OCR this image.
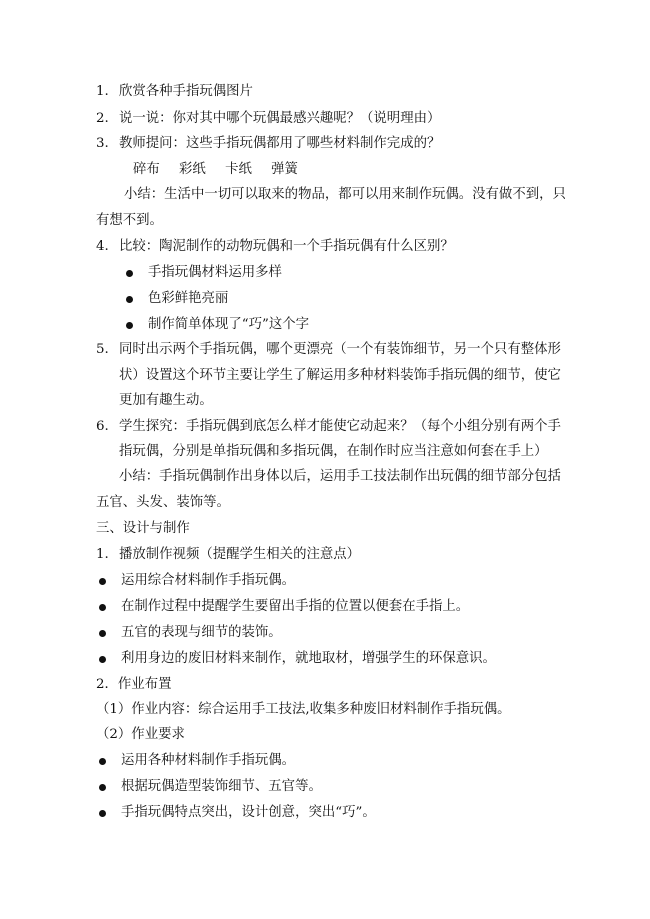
1. 欣赏各种手指玩偶图片
2. 说一说：你对其中哪个玩偶最感兴趣呢？（说明理由）
3. 教师提问：这些手指玩偶都用了哪些材料制作完成的？
碎布 彩纸 卡纸 弹簧
小结：生活中一切可以取来的物品，都可以用来制作玩偶。没有做不到，只
有想不到。
4. 比较：陶泥制作的动物玩偶和一个手指玩偶有什么区别？
手指玩偶材料运用多样
色彩鲜艳亮丽
制作简单体现了“巧”这个字
5. 同时出示两个手指玩偶，哪个更漂亮（一个有装饰细节，另一个只有整体形
状）设置这个环节主要让学生了解运用多种材料装饰手指玩偶的细节，使它
更加有趣生动。
6. 学生探究：手指玩偶到底怎么样才能使它动起来？（每个小组分别有两个手
指玩偶，分别是单指玩偶和多指玩偶，在制作时应当注意如何套在手上）
小结：手指玩偶制作出身体以后，运用手工技法制作出玩偶的细节部分包括
五官、头发、装饰等。
三、设计与制作
1. 播放制作视频（提醒学生相关的注意点）
运用综合材料制作手指玩偶。
在制作过程中提醒学生要留出手指的位置以便套在手指上。
五官的表现与细节的装饰。
利用身边的废旧材料来制作，就地取材，增强学生的环保意识。
2．作业布置
（1）作业内容：综合运用手工技法,收集多种废旧材料制作手指玩偶。
（2）作业要求
运用各种材料制作手指玩偶。
根据玩偶造型装饰细节、五官等。
手指玩偶特点突出，设计创意，突出“巧”。
